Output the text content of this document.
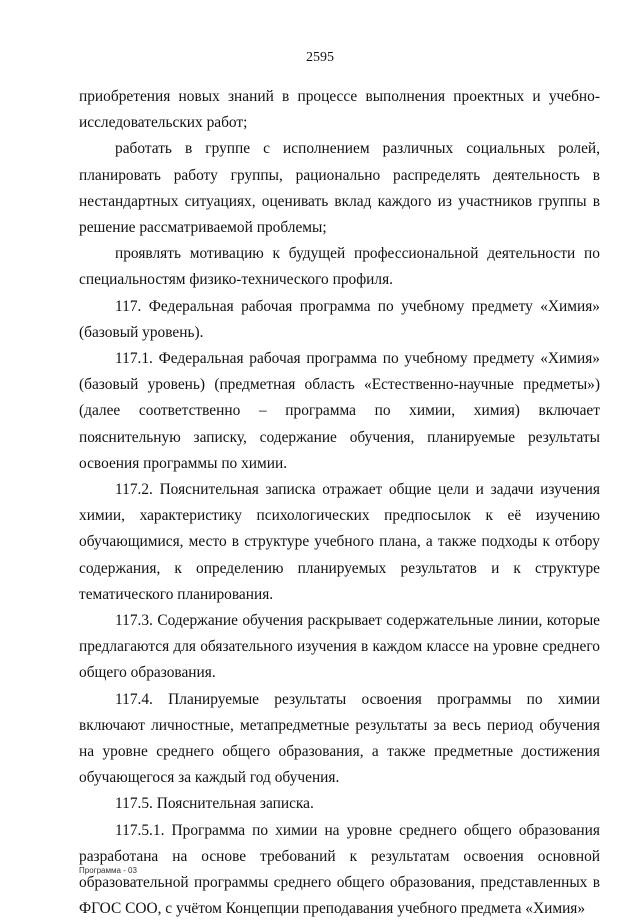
2595

приобретения новых знаний в процессе выполнения проектных и учебно-исследовательских работ;

работать в группе с исполнением различных социальных ролей, планировать работу группы, рационально распределять деятельность в нестандартных ситуациях, оценивать вклад каждого из участников группы в решение рассматриваемой проблемы;

проявлять мотивацию к будущей профессиональной деятельности по специальностям физико-технического профиля.

117. Федеральная рабочая программа по учебному предмету «Химия» (базовый уровень).

117.1. Федеральная рабочая программа по учебному предмету «Химия» (базовый уровень) (предметная область «Естественно-научные предметы») (далее соответственно – программа по химии, химия) включает пояснительную записку, содержание обучения, планируемые результаты освоения программы по химии.

117.2. Пояснительная записка отражает общие цели и задачи изучения химии, характеристику психологических предпосылок к её изучению обучающимися, место в структуре учебного плана, а также подходы к отбору содержания, к определению планируемых результатов и к структуре тематического планирования.

117.3. Содержание обучения раскрывает содержательные линии, которые предлагаются для обязательного изучения в каждом классе на уровне среднего общего образования.

117.4. Планируемые результаты освоения программы по химии включают личностные, метапредметные результаты за весь период обучения на уровне среднего общего образования, а также предметные достижения обучающегося за каждый год обучения.

117.5. Пояснительная записка.

117.5.1. Программа по химии на уровне среднего общего образования разработана на основе требований к результатам освоения основной образовательной программы среднего общего образования, представленных в ФГОС СОО, с учётом Концепции преподавания учебного предмета «Химия»

Программа - 03
